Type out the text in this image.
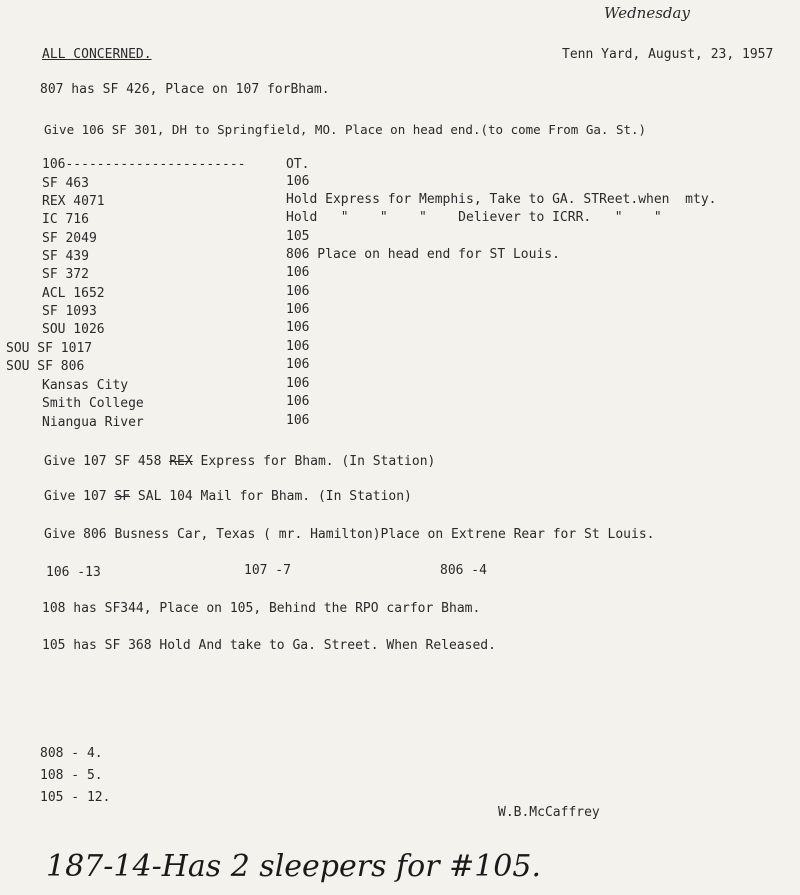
Wednesday
ALL CONCERNED.	Tenn Yard, August, 23, 1957
807 has SF 426, Place on 107 forBham.
Give 106 SF 301, DH to Springfield, MO. Place on head end.(to come From Ga. St.)
106-----------------------	OT.
SF 463	106
REX 4071	Hold Express for Memphis, Take to GA. STReet.when  mty.
IC 716	Hold   "    "    "    Deliever to ICRR.   "    "
SF 2049	105
SF 439	806 Place on head end for ST Louis.
SF 372	106
ACL 1652	106
SF 1093	106
SOU 1026	106
SOU SF 1017	106
SOU SF 806	106
Kansas City	106
Smith College	106
Niangua River	106
Give 107 SF 458 REX Express for Bham. (In Station)
Give 107 SF SAL 104 Mail for Bham. (In Station)
Give 806 Busness Car, Texas ( mr. Hamilton)Place on Extrene Rear for St Louis.
106 -13	107 -7	806 -4
108 has SF344, Place on 105, Behind the RPO carfor Bham.
105 has SF 368 Hold And take to Ga. Street. When Released.
808 - 4.
108 - 5.
105 - 12.
W.B.McCaffrey
187-14-Has 2 sleepers for #105.
